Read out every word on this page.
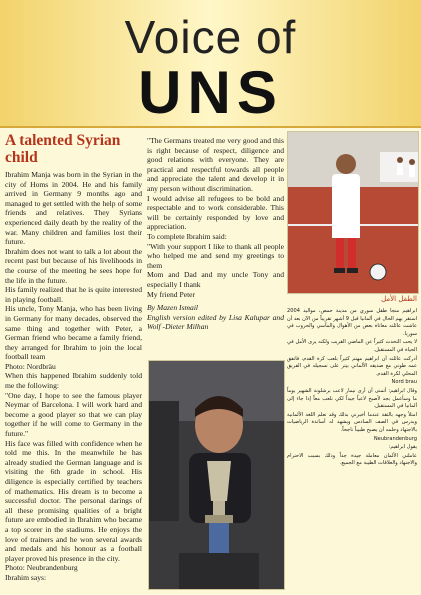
Voice of
UNS
A talented Syrian child

Ibrahim Manja was born in the Syrian in the city of Homs in 2004. He and his family arrived in Germany 9 months ago and managed to get settled with the help of some friends and relatives. They Syrians experienced daily death by the reality of the war. Many children and families lost their future.

Ibrahim does not want to talk a lot about the recent past but because of his livelihoods in the course of the meeting he sees hope for the life in the future.

His family realized that he is quite interested in playing football.

His uncle, Tony Manja, who has been living in Germany for many decades, observed the same thing and together with Peter, a German friend who became a family friend, they arranged for Ibrahim to join the local football team

Photo: Nordbräu

When this happened Ibrahim suddenly told me the following:

"One day, I hope to see the famous player Neymar of Barcelona. I will work hard and become a good player so that we can play together if he will come to Germany in the future."

His face was filled with confidence when he told me this. In the meanwhile he has already studied the German language and is visiting the 6th grade in school. His diligence is especially certified by teachers of mathematics. His dream is to become a successful doctor. The personal darings of all these promising qualities of a bright future are embodied in Ibrahim who became a top scorer in the stadiums. He enjoys the love of trainers and he won several awards and medals and his honour as a football player proved his presence in the city.

Photo: Neubrandenburg

Ibrahim says:

"The Germans treated me very good and this is right because of respect, diligence and good relations with everyone. They are practical and respectful towards all people and appreciate the talent and develop it in any person without discrimination.

I would advise all refugees to be bold and respectable and to work considerable. This will be certainly responded by love and appreciation.

To complete Ibrahim said:

"With your support I like to thank all people who helped me and send my greetings to them

Mom and Dad and my uncle Tony and especially I thank

My friend Peter

By Mazen Ismail

English version edited by Lisa Kalupar and Wolf -Dieter Milhan

الطفل الأمل

ابراهيم منجا طفل سوري من مدينة حمص، مواليد 2004 استقر بهم الحال في ألمانيا قبل 9 أشهر تقريباً من الآن بعد أن عاشت عائلته معاناة بعض من الأهوال والمآسي والحروب في سوريا.

لا يحب التحدث كثيراً عن الماضي القريب ولكنه يرى الأمل في الحياة في المستقبل.

أدركت عائلته أن ابراهيم مهتم كثيراً بلعب كرة القدم، فاتفق عمه طوني مع صديقه الألماني بيتر على تسجيله في الفريق المحلي لكرة القدم.

Nord brau

وقال ابراهيم: أتمنى أن أرى نيمار لاعب برشلونة الشهير يوماً ما وسأعمل بجد لأصبح لاعباً جيداً لكي نلعب معاً إذا جاء إلى ألمانيا في المستقبل.

امتلأ وجهه بالثقة عندما أخبرني بذلك وقد تعلم اللغة الألمانية ويدرس في الصف السادس ويشهد له أساتذة الرياضيات بالاجتهاد وحلمه أن يصبح طبيباً ناجحاً.

Neubrandenburg

يقول ابراهيم:

عاملني الألمان معاملة جيدة جداً وذلك بسبب الاحترام والاجتهاد والعلاقات الطيبة مع الجميع.
